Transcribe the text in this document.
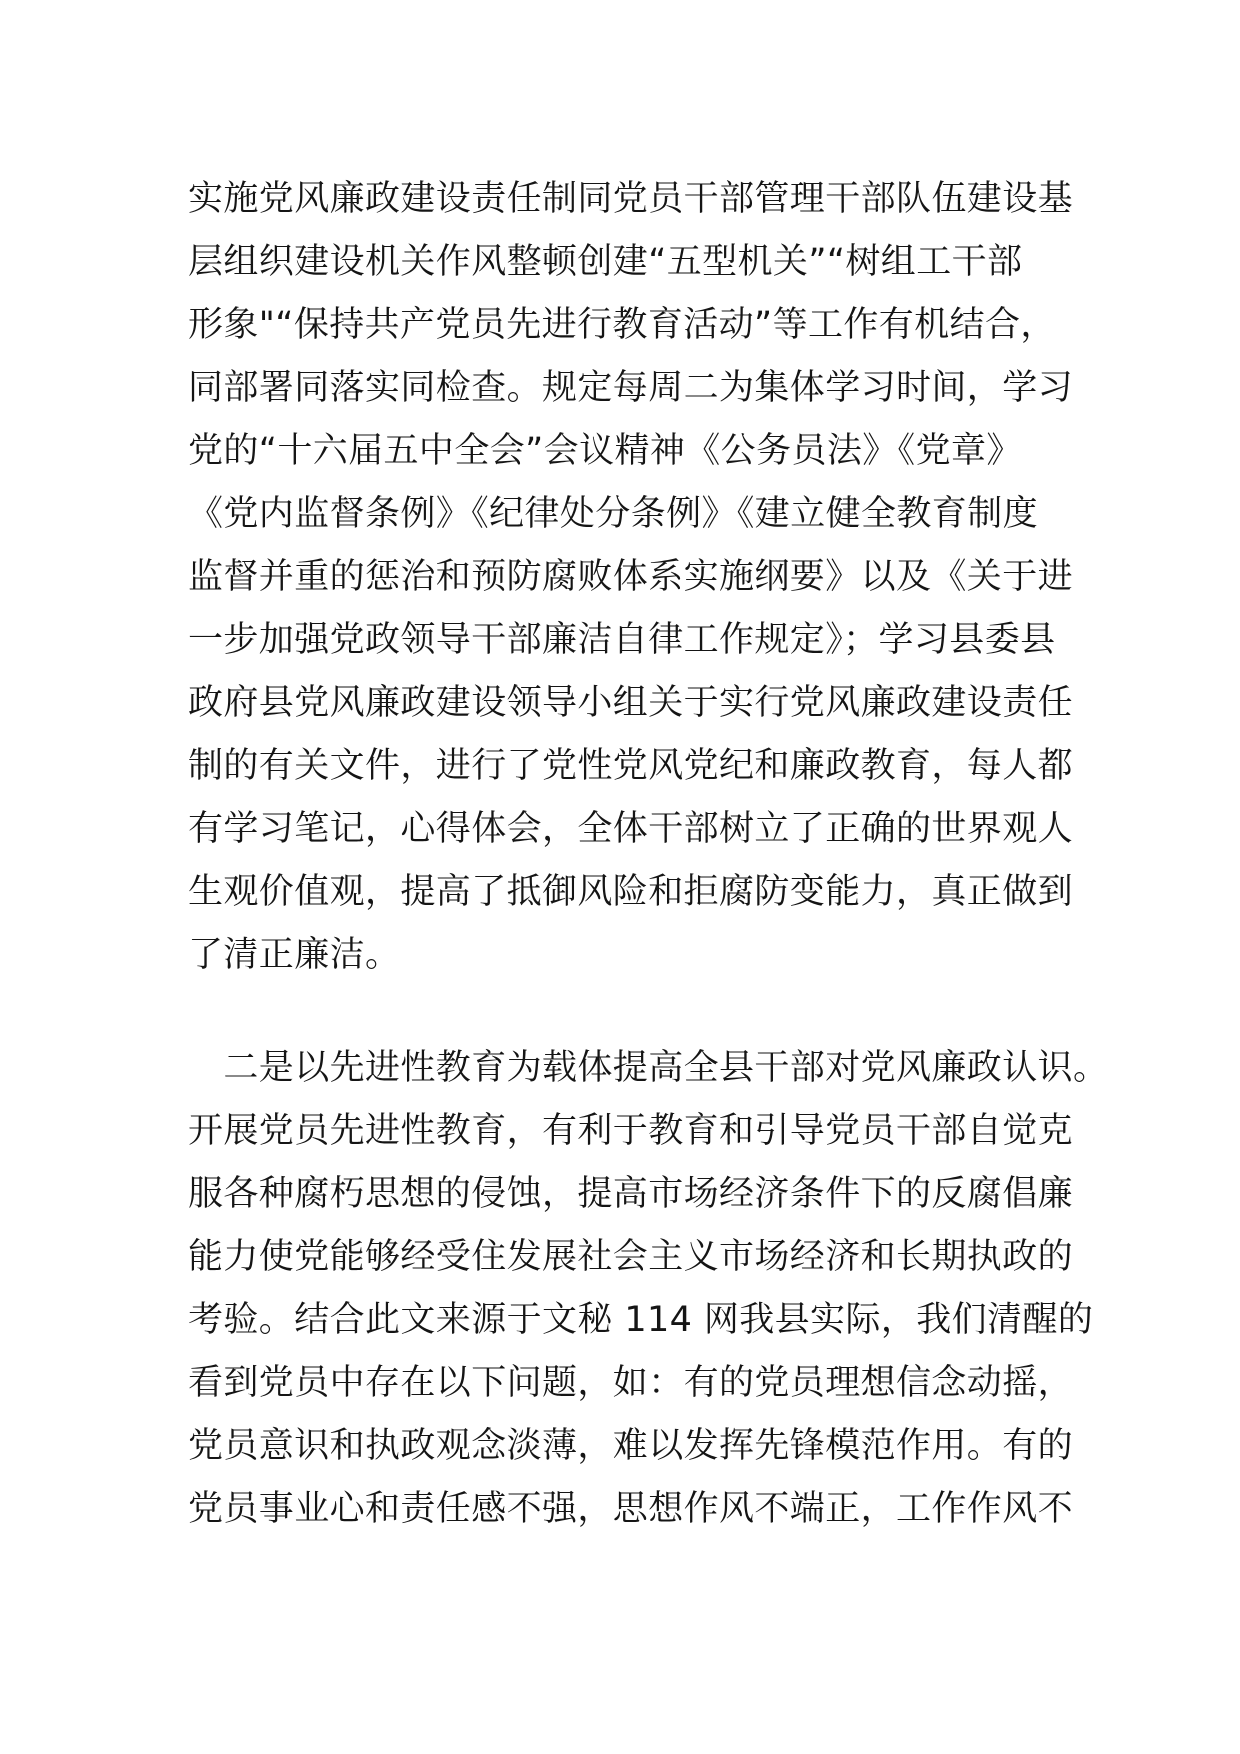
实施党风廉政建设责任制同党员干部管理干部队伍建设基
层组织建设机关作风整顿创建“五型机关”“树组工干部
形象"“保持共产党员先进行教育活动”等工作有机结合，
同部署同落实同检查。规定每周二为集体学习时间，学习
党的“十六届五中全会”会议精神《公务员法》《党章》
《党内监督条例》《纪律处分条例》《建立健全教育制度
监督并重的惩治和预防腐败体系实施纲要》以及《关于进
一步加强党政领导干部廉洁自律工作规定》；学习县委县
政府县党风廉政建设领导小组关于实行党风廉政建设责任
制的有关文件，进行了党性党风党纪和廉政教育，每人都
有学习笔记，心得体会，全体干部树立了正确的世界观人
生观价值观，提高了抵御风险和拒腐防变能力，真正做到
了清正廉洁。
　二是以先进性教育为载体提高全县干部对党风廉政认识。
开展党员先进性教育，有利于教育和引导党员干部自觉克
服各种腐朽思想的侵蚀，提高市场经济条件下的反腐倡廉
能力使党能够经受住发展社会主义市场经济和长期执政的
考验。结合此文来源于文秘 114 网我县实际，我们清醒的
看到党员中存在以下问题，如：有的党员理想信念动摇，
党员意识和执政观念淡薄，难以发挥先锋模范作用。有的
党员事业心和责任感不强，思想作风不端正，工作作风不
